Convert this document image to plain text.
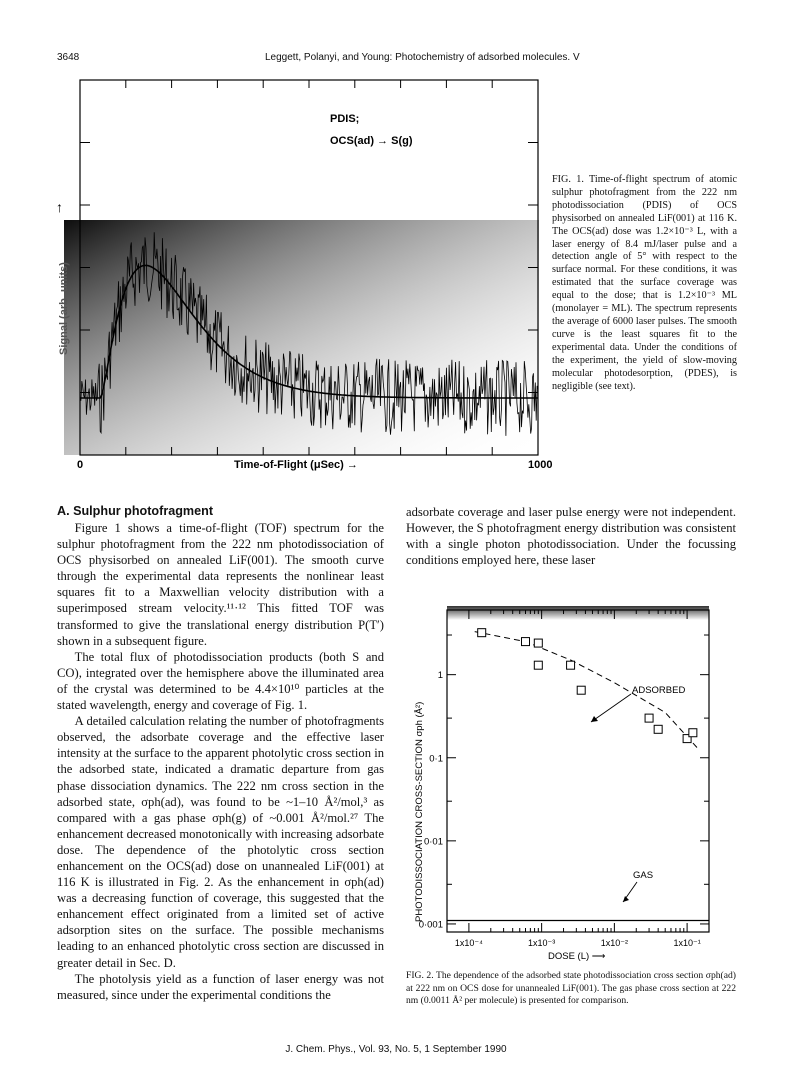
3648	Leggett, Polanyi, and Young: Photochemistry of adsorbed molecules. V
PDIS;
OCS(ad) → S(g)
↑
Signal (arb. units)
0	1000
Time-of-Flight (μSec) →

FIG. 1. Time-of-flight spectrum of atomic sulphur photofragment from the 222 nm photodissociation (PDIS) of OCS physisorbed on annealed LiF(001) at 116 K. The OCS(ad) dose was 1.2×10⁻³ L, with a laser energy of 8.4 mJ/laser pulse and a detection angle of 5° with respect to the surface normal. For these conditions, it was estimated that the surface coverage was equal to the dose; that is 1.2×10⁻³ ML (monolayer = ML). The spectrum represents the average of 6000 laser pulses. The smooth curve is the least squares fit to the experimental data. Under the conditions of the experiment, the yield of slow-moving molecular photodesorption, (PDES), is negligible (see text).

A. Sulphur photofragment

Figure 1 shows a time-of-flight (TOF) spectrum for the sulphur photofragment from the 222 nm photodissociation of OCS physisorbed on annealed LiF(001). The smooth curve through the experimental data represents the nonlinear least squares fit to a Maxwellian velocity distribution with a superimposed stream velocity.¹¹·¹² This fitted TOF was transformed to give the translational energy distribution P(T′) shown in a subsequent figure.

The total flux of photodissociation products (both S and CO), integrated over the hemisphere above the illuminated area of the crystal was determined to be 4.4×10¹⁰ particles at the stated wavelength, energy and coverage of Fig. 1.

A detailed calculation relating the number of photofragments observed, the adsorbate coverage and the effective laser intensity at the surface to the apparent photolytic cross section in the adsorbed state, indicated a dramatic departure from gas phase dissociation dynamics. The 222 nm cross section in the adsorbed state, σph(ad), was found to be ~1–10 Å²/mol,³ as compared with a gas phase σph(g) of ~0.001 Å²/mol.²⁷ The enhancement decreased monotonically with increasing adsorbate dose. The dependence of the photolytic cross section enhancement on the OCS(ad) dose on unannealed LiF(001) at 116 K is illustrated in Fig. 2. As the enhancement in σph(ad) was a decreasing function of coverage, this suggested that the enhancement effect originated from a limited set of active adsorption sites on the surface. The possible mechanisms leading to an enhanced photolytic cross section are discussed in greater detail in Sec. D.

The photolysis yield as a function of laser energy was not measured, since under the experimental conditions the

adsorbate coverage and laser pulse energy were not independent. However, the S photofragment energy distribution was consistent with a single photon photodissociation. Under the focussing conditions employed here, these laser

1
0·1
0·01
0·001
1x10⁻⁴	1x10⁻³	1x10⁻²	1x10⁻¹
ADSORBED
GAS
PHOTODISSOCIATION CROSS-SECTION σph (Å²)
DOSE (L) ⟶

FIG. 2. The dependence of the adsorbed state photodissociation cross section σph(ad) at 222 nm on OCS dose for unannealed LiF(001). The gas phase cross section at 222 nm (0.0011 Å² per molecule) is presented for comparison.

J. Chem. Phys., Vol. 93, No. 5, 1 September 1990
